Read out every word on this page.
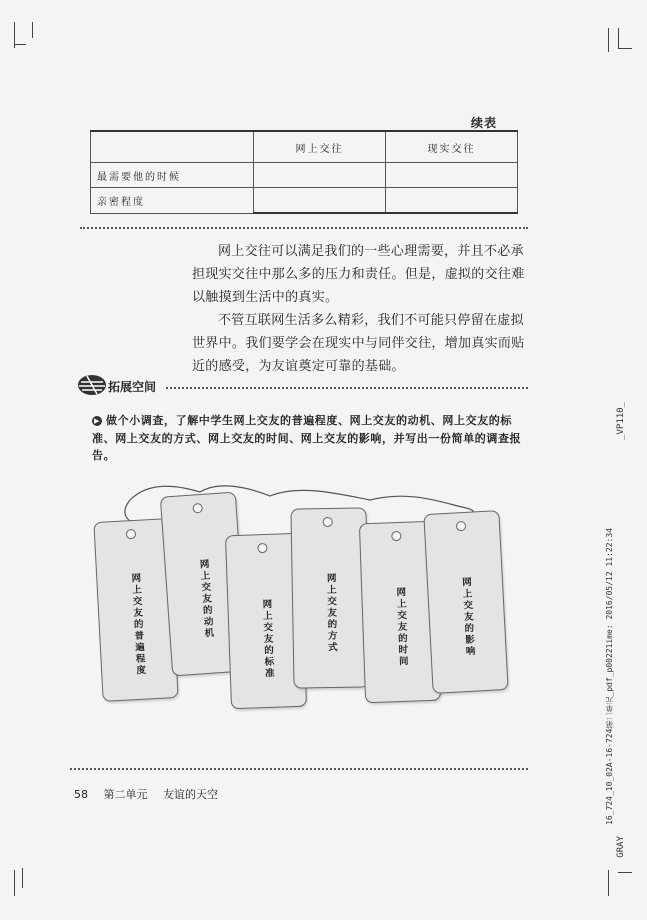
续表
	网上交往	现实交往
最需要他的时候		
亲密程度		

网上交往可以满足我们的一些心理需要，并且不必承担现实交往中那么多的压力和责任。但是，虚拟的交往难以触摸到生活中的真实。

不管互联网生活多么精彩，我们不可能只停留在虚拟世界中。我们要学会在现实中与同伴交往，增加真实而贴近的感受，为友谊奠定可靠的基础。

拓展空间
▶ 做个小调查，了解中学生网上交友的普遍程度、网上交友的动机、网上交友的标准、网上交友的方式、网上交友的时间、网上交友的影响，并写出一份简单的调查报告。
网上交友的普遍程度	网上交友的动机	网上交友的标准	网上交友的方式	网上交友的时间	网上交友的影响
58 第二单元 友谊的天空
_VP110_
16_724_10_02A-16-724第二单元_pdf_p00221ime: 2016/05/12 11:22:34
GRAY
